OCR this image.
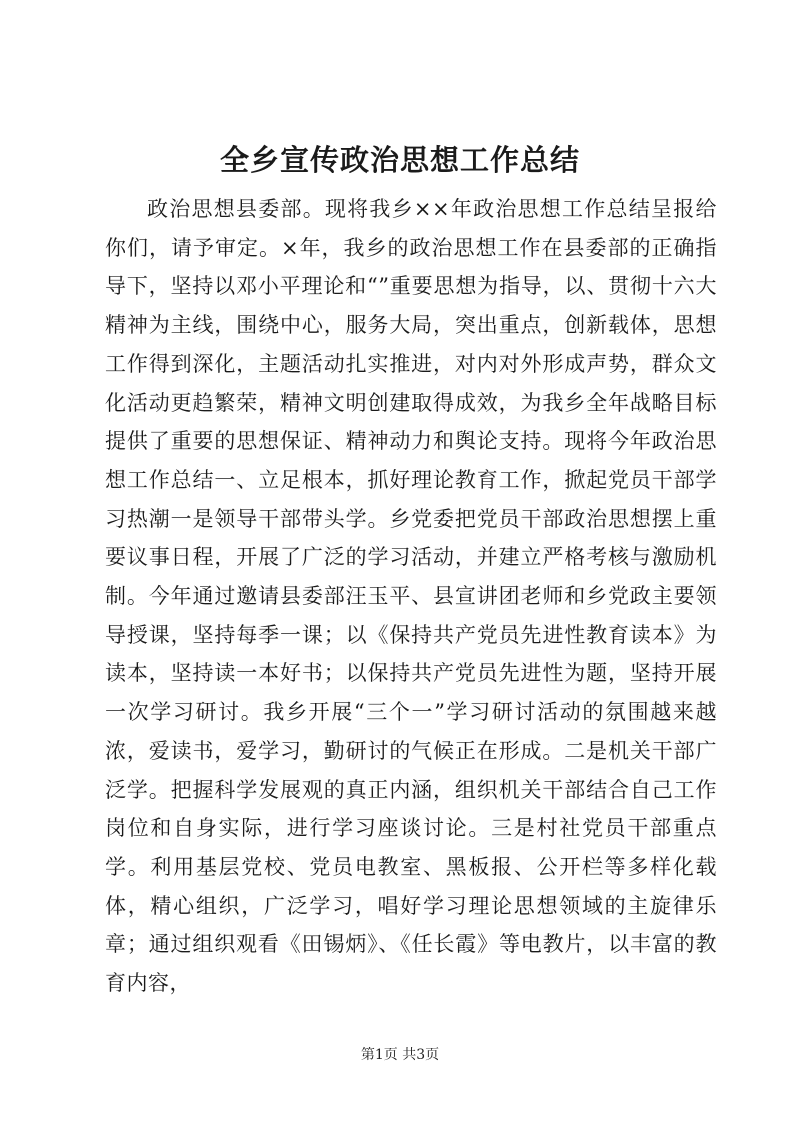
全乡宣传政治思想工作总结

政治思想县委部。现将我乡××年政治思想工作总结呈报给你们，请予审定。×年，我乡的政治思想工作在县委部的正确指导下，坚持以邓小平理论和“”重要思想为指导，以、贯彻十六大精神为主线，围绕中心，服务大局，突出重点，创新载体，思想工作得到深化，主题活动扎实推进，对内对外形成声势，群众文化活动更趋繁荣，精神文明创建取得成效，为我乡全年战略目标提供了重要的思想保证、精神动力和舆论支持。现将今年政治思想工作总结一、立足根本，抓好理论教育工作，掀起党员干部学习热潮一是领导干部带头学。乡党委把党员干部政治思想摆上重要议事日程，开展了广泛的学习活动，并建立严格考核与激励机制。今年通过邀请县委部汪玉平、县宣讲团老师和乡党政主要领导授课，坚持每季一课；以《保持共产党员先进性教育读本》为读本，坚持读一本好书；以保持共产党员先进性为题，坚持开展一次学习研讨。我乡开展“三个一”学习研讨活动的氛围越来越浓，爱读书，爱学习，勤研讨的气候正在形成。二是机关干部广泛学。把握科学发展观的真正内涵，组织机关干部结合自己工作岗位和自身实际，进行学习座谈讨论。三是村社党员干部重点学。利用基层党校、党员电教室、黑板报、公开栏等多样化载体，精心组织，广泛学习，唱好学习理论思想领域的主旋律乐章；通过组织观看《田锡炳》、《任长霞》等电教片，以丰富的教育内容，

第1页 共3页
